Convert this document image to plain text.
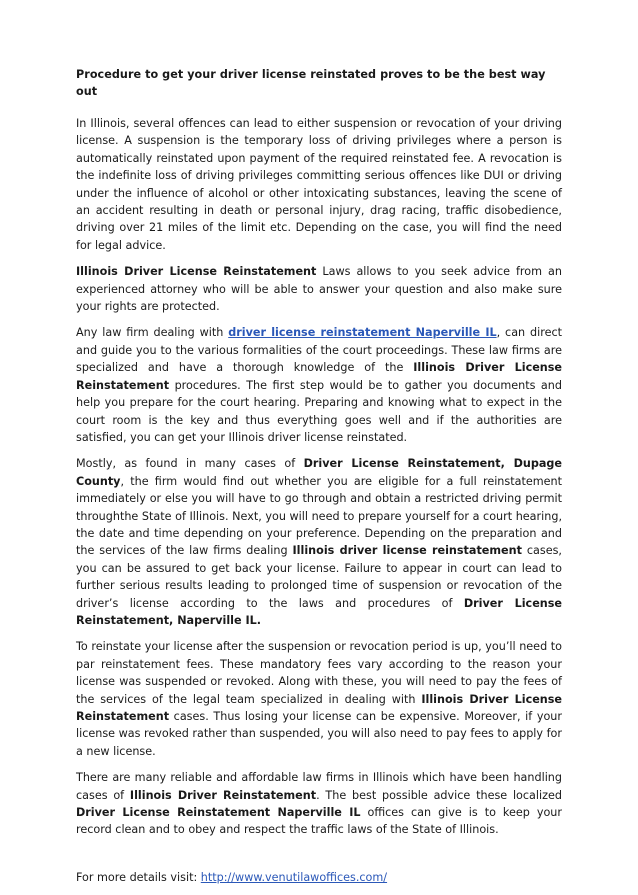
Procedure to get your driver license reinstated proves to be the best way out

In Illinois, several offences can lead to either suspension or revocation of your driving license. A suspension is the temporary loss of driving privileges where a person is automatically reinstated upon payment of the required reinstated fee. A revocation is the indefinite loss of driving privileges committing serious offences like DUI or driving under the influence of alcohol or other intoxicating substances, leaving the scene of an accident resulting in death or personal injury, drag racing, traffic disobedience, driving over 21 miles of the limit etc. Depending on the case, you will find the need for legal advice.

Illinois Driver License Reinstatement Laws allows to you seek advice from an experienced attorney who will be able to answer your question and also make sure your rights are protected.

Any law firm dealing with driver license reinstatement Naperville IL, can direct and guide you to the various formalities of the court proceedings. These law firms are specialized and have a thorough knowledge of the Illinois Driver License Reinstatement procedures. The first step would be to gather you documents and help you prepare for the court hearing. Preparing and knowing what to expect in the court room is the key and thus everything goes well and if the authorities are satisfied, you can get your Illinois driver license reinstated.

Mostly, as found in many cases of Driver License Reinstatement, Dupage County, the firm would find out whether you are eligible for a full reinstatement immediately or else you will have to go through and obtain a restricted driving permit throughthe State of Illinois. Next, you will need to prepare yourself for a court hearing, the date and time depending on your preference. Depending on the preparation and the services of the law firms dealing Illinois driver license reinstatement cases, you can be assured to get back your license. Failure to appear in court can lead to further serious results leading to prolonged time of suspension or revocation of the driver’s license according to the laws and procedures of Driver License Reinstatement, Naperville IL.

To reinstate your license after the suspension or revocation period is up, you’ll need to par reinstatement fees. These mandatory fees vary according to the reason your license was suspended or revoked. Along with these, you will need to pay the fees of the services of the legal team specialized in dealing with Illinois Driver License Reinstatement cases. Thus losing your license can be expensive. Moreover, if your license was revoked rather than suspended, you will also need to pay fees to apply for a new license.

There are many reliable and affordable law firms in Illinois which have been handling cases of Illinois Driver Reinstatement. The best possible advice these localized Driver License Reinstatement Naperville IL offices can give is to keep your record clean and to obey and respect the traffic laws of the State of Illinois.

For more details visit: http://www.venutilawoffices.com/
